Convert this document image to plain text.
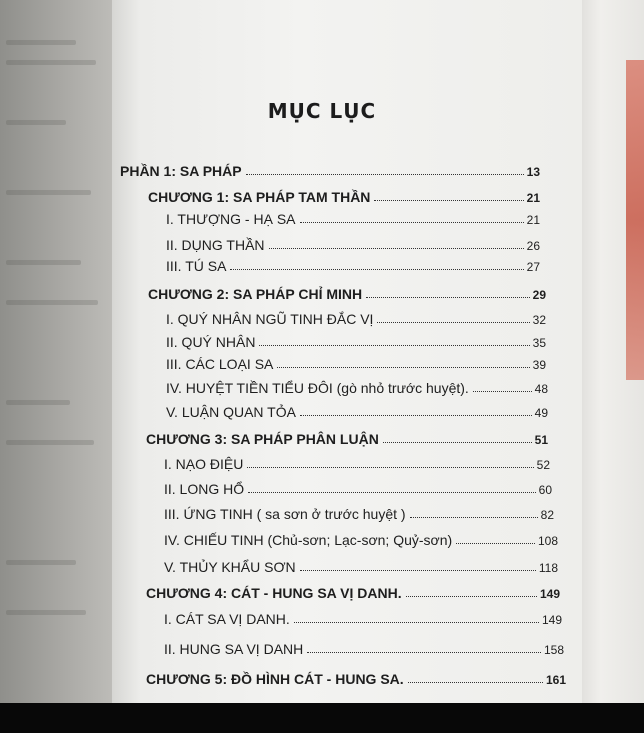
MỤC LỤC
PHẦN 1: SA PHÁP	13
CHƯƠNG 1: SA PHÁP TAM THẦN	21
I. THƯỢNG - HẠ SA	21
II. DỤNG THẦN	26
III. TÚ SA	27
CHƯƠNG 2: SA PHÁP CHỈ MINH	29
I. QUÝ NHÂN NGŨ TINH ĐẮC VỊ	32
II. QUÝ NHÂN	35
III. CÁC LOẠI SA	39
IV. HUYỆT TIỀN TIỂU ĐÔI (gò nhỏ trước huyệt).	48
V. LUẬN QUAN TỎA	49
CHƯƠNG 3: SA PHÁP PHÂN LUẬN	51
I. NẠO ĐIỆU	52
II. LONG HỔ	60
III. ỨNG TINH ( sa sơn ở trước huyệt )	82
IV. CHIẾU TINH (Chủ-sơn; Lạc-sơn; Quỷ-sơn)	108
V. THỦY KHẨU SƠN	118
CHƯƠNG 4: CÁT - HUNG SA VỊ DANH.	149
I. CÁT SA VỊ DANH.	149
II. HUNG SA VỊ DANH	158
CHƯƠNG 5: ĐỒ HÌNH CÁT - HUNG SA.	161
